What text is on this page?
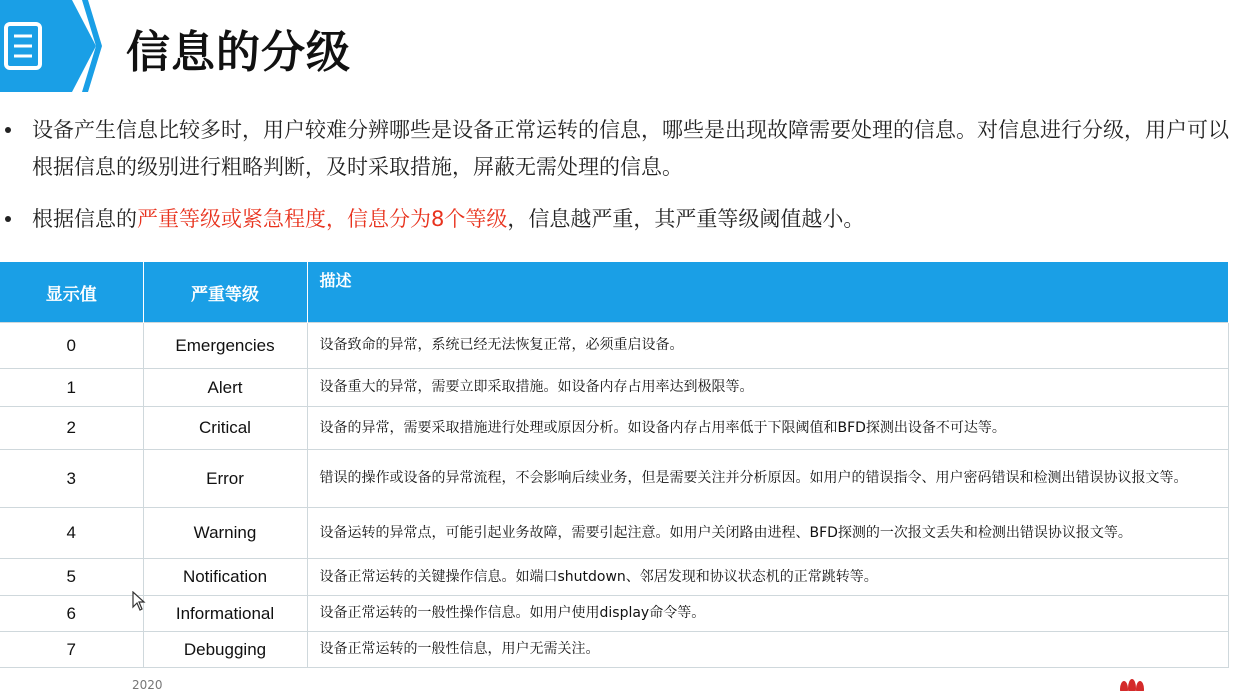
信息的分级
设备产生信息比较多时，用户较难分辨哪些是设备正常运转的信息，哪些是出现故障需要处理的信息。对信息进行分级，用户可以根据信息的级别进行粗略判断，及时采取措施，屏蔽无需处理的信息。
根据信息的严重等级或紧急程度，信息分为8个等级，信息越严重，其严重等级阈值越小。
显示值	严重等级	描述
0	Emergencies	设备致命的异常，系统已经无法恢复正常，必须重启设备。
1	Alert	设备重大的异常，需要立即采取措施。如设备内存占用率达到极限等。
2	Critical	设备的异常，需要采取措施进行处理或原因分析。如设备内存占用率低于下限阈值和BFD探测出设备不可达等。
3	Error	错误的操作或设备的异常流程，不会影响后续业务，但是需要关注并分析原因。如用户的错误指令、用户密码错误和检测出错误协议报文等。
4	Warning	设备运转的异常点，可能引起业务故障，需要引起注意。如用户关闭路由进程、BFD探测的一次报文丢失和检测出错误协议报文等。
5	Notification	设备正常运转的关键操作信息。如端口shutdown、邻居发现和协议状态机的正常跳转等。
6	Informational	设备正常运转的一般性操作信息。如用户使用display命令等。
7	Debugging	设备正常运转的一般性信息，用户无需关注。
2020
